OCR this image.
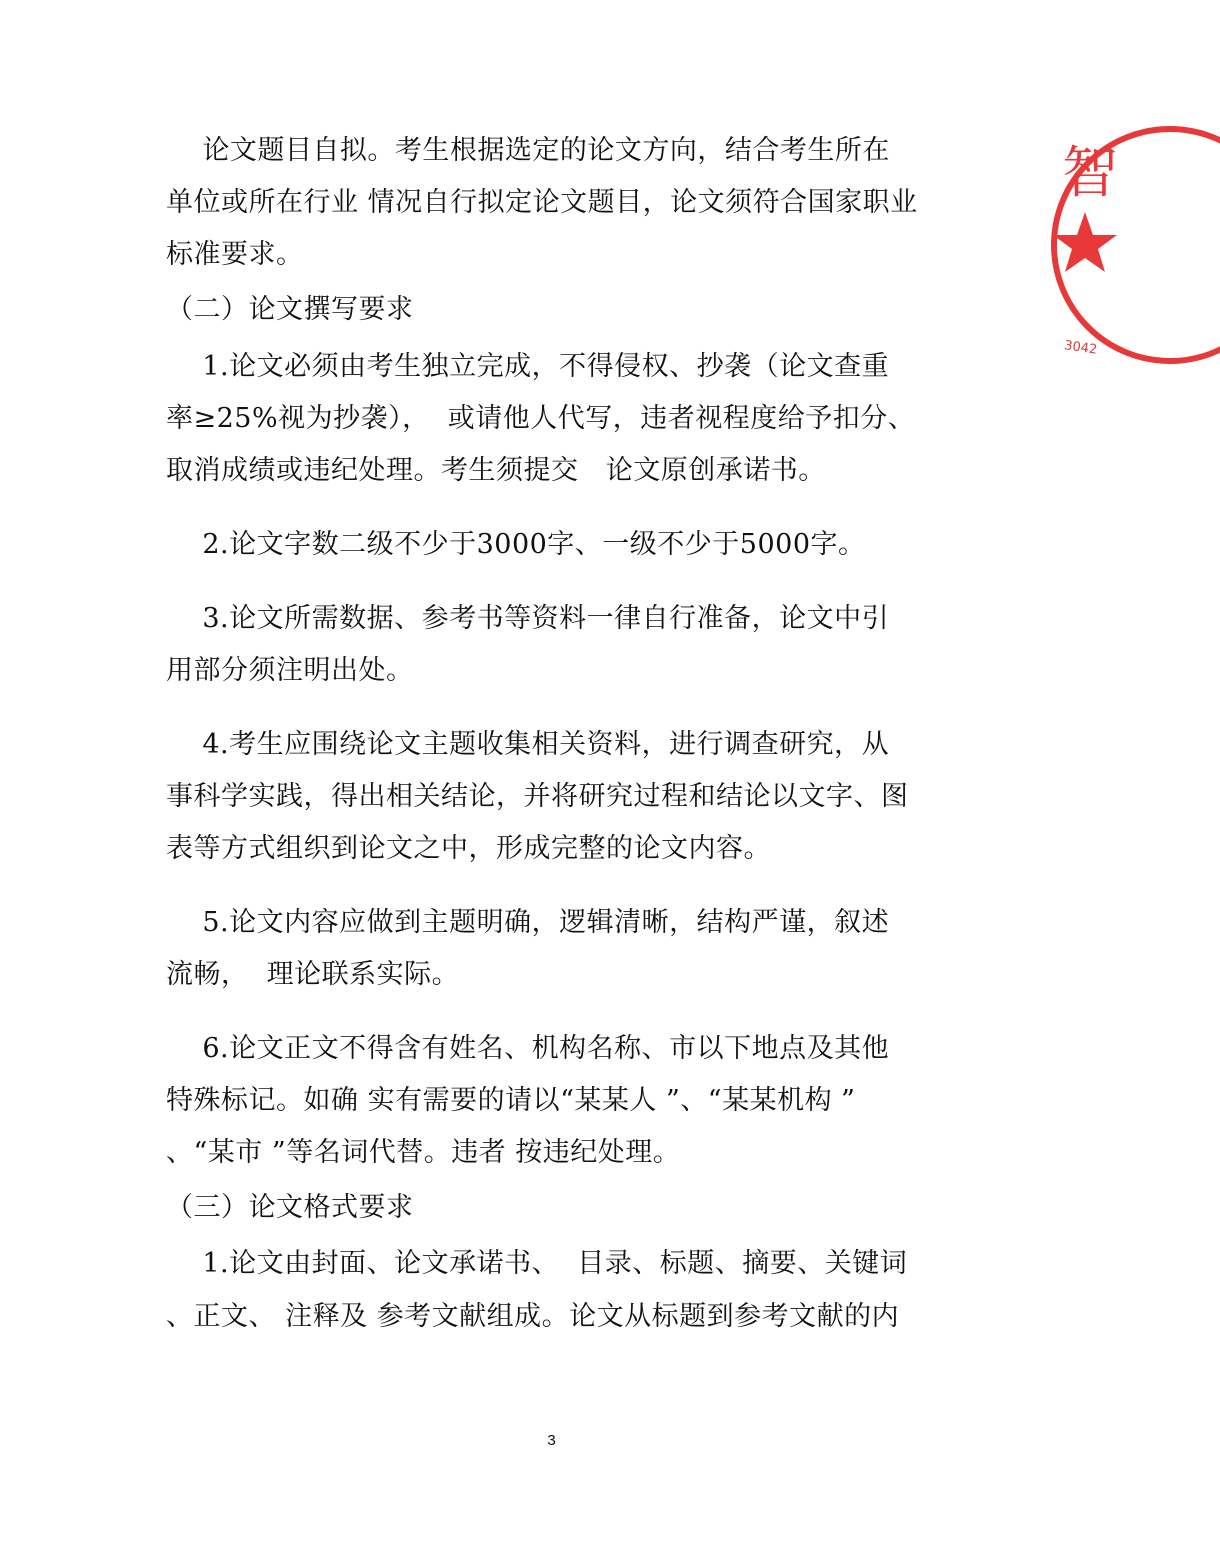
论文题目自拟。考生根据选定的论文方向，结合考生所在
单位或所在行业 情况自行拟定论文题目，论文须符合国家职业
标准要求。
（二）论文撰写要求
1.论文必须由考生独立完成，不得侵权、抄袭（论文查重
率≥25%视为抄袭），  或请他人代写，违者视程度给予扣分、
取消成绩或违纪处理。考生须提交   论文原创承诺书。
2.论文字数二级不少于3000字、一级不少于5000字。
3.论文所需数据、参考书等资料一律自行准备，论文中引
用部分须注明出处。
4.考生应围绕论文主题收集相关资料，进行调查研究，从
事科学实践，得出相关结论，并将研究过程和结论以文字、图
表等方式组织到论文之中，形成完整的论文内容。
5.论文内容应做到主题明确，逻辑清晰，结构严谨，叙述
流畅，  理论联系实际。
6.论文正文不得含有姓名、机构名称、市以下地点及其他
特殊标记。如确 实有需要的请以“某某人 ”、“某某机构 ”
、“某市 ”等名词代替。违者 按违纪处理。
（三）论文格式要求
1.论文由封面、论文承诺书、  目录、标题、摘要、关键词
、正文、 注释及 参考文献组成。论文从标题到参考文献的内
3
智
3042
